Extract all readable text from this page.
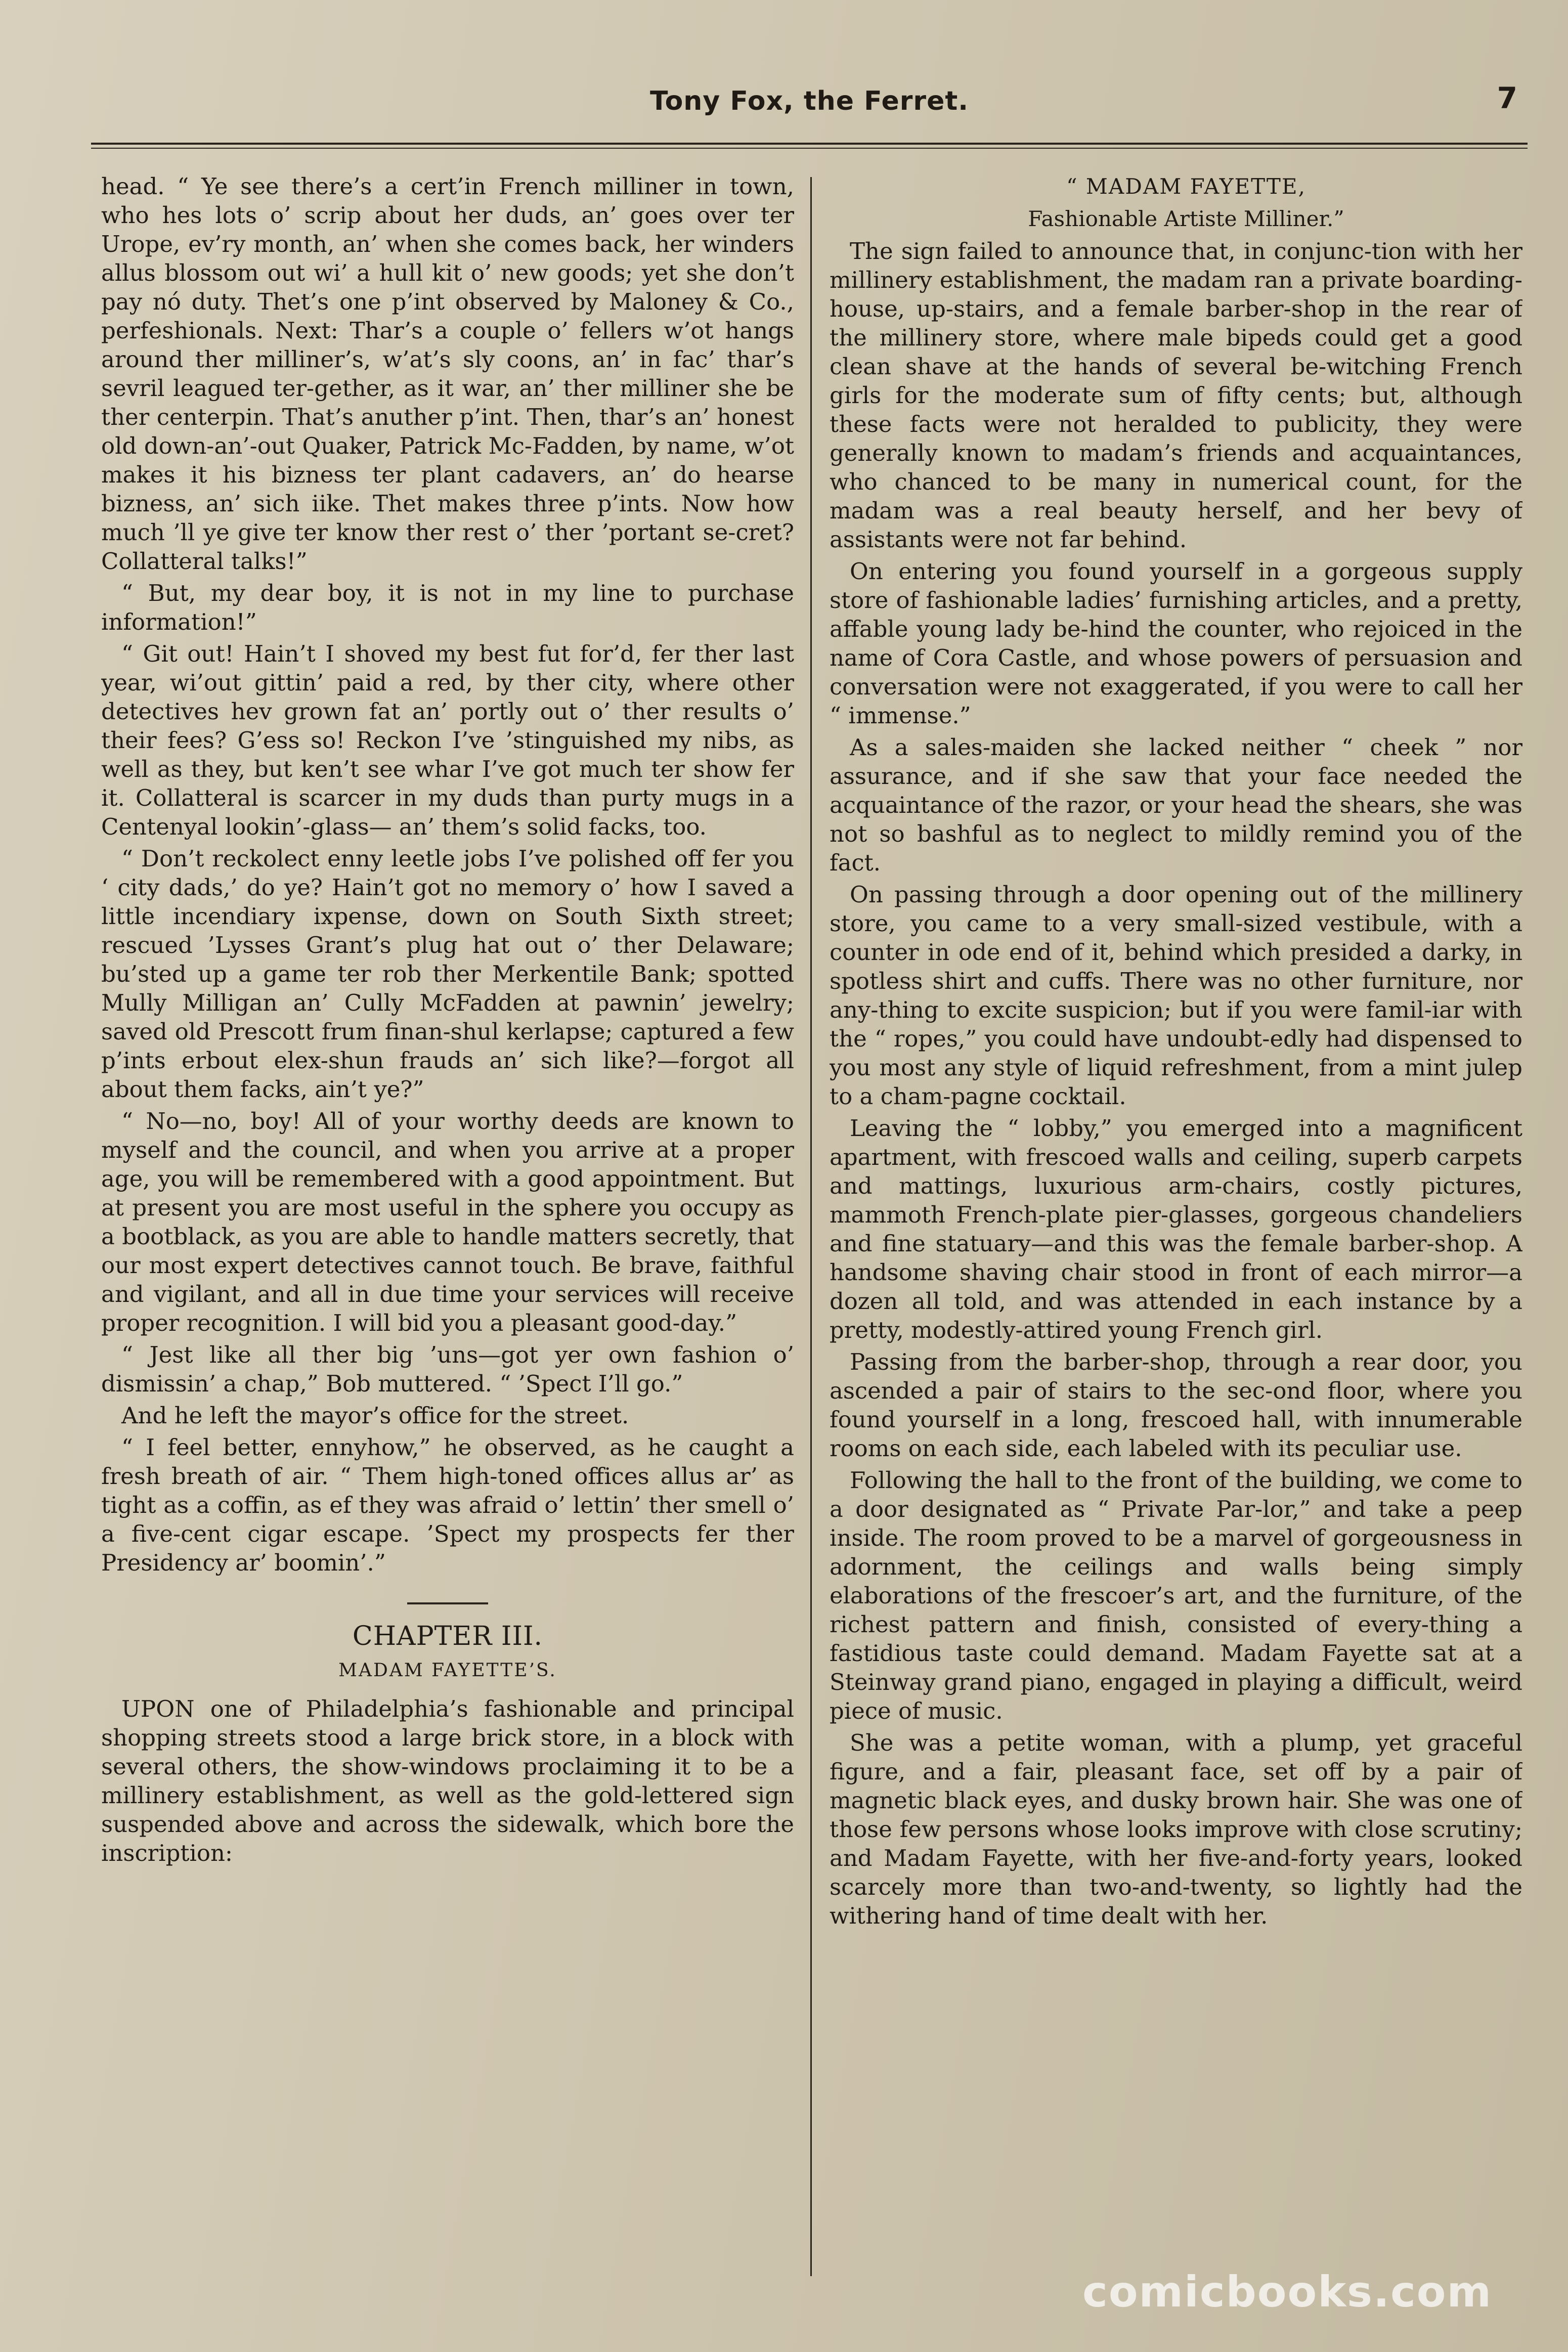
Tony Fox, the Ferret.	7

head. “ Ye see there’s a cert’in French milliner in town, who hes lots o’ scrip about her duds, an’ goes over ter Urope, ev’ry month, an’ when she comes back, her winders allus blossom out wi’ a hull kit o’ new goods; yet she don’t pay nó duty. Thet’s one p’int observed by Maloney & Co., perfeshionals. Next: Thar’s a couple o’ fellers w’ot hangs around ther milliner’s, w’at’s sly coons, an’ in fac’ thar’s sevril leagued ter-gether, as it war, an’ ther milliner she be ther centerpin. That’s anuther p’int. Then, thar’s an’ honest old down-an’-out Quaker, Patrick Mc-Fadden, by name, w’ot makes it his bizness ter plant cadavers, an’ do hearse bizness, an’ sich iike. Thet makes three p’ints. Now how much ’ll ye give ter know ther rest o’ ther ’portant se-cret? Collatteral talks!”

“ But, my dear boy, it is not in my line to purchase information!”

“ Git out! Hain’t I shoved my best fut for’d, fer ther last year, wi’out gittin’ paid a red, by ther city, where other detectives hev grown fat an’ portly out o’ ther results o’ their fees? G’ess so! Reckon I’ve ’stinguished my nibs, as well as they, but ken’t see whar I’ve got much ter show fer it. Collatteral is scarcer in my duds than purty mugs in a Centenyal lookin’-glass— an’ them’s solid facks, too.

“ Don’t reckolect enny leetle jobs I’ve polished off fer you ‘ city dads,’ do ye? Hain’t got no memory o’ how I saved a little incendiary ixpense, down on South Sixth street; rescued ’Lysses Grant’s plug hat out o’ ther Delaware; bu’sted up a game ter rob ther Merkentile Bank; spotted Mully Milligan an’ Cully McFadden at pawnin’ jewelry; saved old Prescott frum finan-shul kerlapse; captured a few p’ints erbout elex-shun frauds an’ sich like?—forgot all about them facks, ain’t ye?”

“ No—no, boy! All of your worthy deeds are known to myself and the council, and when you arrive at a proper age, you will be remembered with a good appointment. But at present you are most useful in the sphere you occupy as a bootblack, as you are able to handle matters secretly, that our most expert detectives cannot touch. Be brave, faithful and vigilant, and all in due time your services will receive proper recognition. I will bid you a pleasant good-day.”

“ Jest like all ther big ’uns—got yer own fashion o’ dismissin’ a chap,” Bob muttered. “ ’Spect I’ll go.”

And he left the mayor’s office for the street.

“ I feel better, ennyhow,” he observed, as he caught a fresh breath of air. “ Them high-toned offices allus ar’ as tight as a coffin, as ef they was afraid o’ lettin’ ther smell o’ a five-cent cigar escape. ’Spect my prospects fer ther Presidency ar’ boomin’.”

CHAPTER III.
MADAM FAYETTE’S.

UPON one of Philadelphia’s fashionable and principal shopping streets stood a large brick store, in a block with several others, the show-windows proclaiming it to be a millinery establishment, as well as the gold-lettered sign suspended above and across the sidewalk, which bore the inscription:

“ MADAM FAYETTE,

Fashionable Artiste Milliner.”

The sign failed to announce that, in conjunc-tion with her millinery establishment, the madam ran a private boarding-house, up-stairs, and a female barber-shop in the rear of the millinery store, where male bipeds could get a good clean shave at the hands of several be-witching French girls for the moderate sum of fifty cents; but, although these facts were not heralded to publicity, they were generally known to madam’s friends and acquaintances, who chanced to be many in numerical count, for the madam was a real beauty herself, and her bevy of assistants were not far behind.

On entering you found yourself in a gorgeous supply store of fashionable ladies’ furnishing articles, and a pretty, affable young lady be-hind the counter, who rejoiced in the name of Cora Castle, and whose powers of persuasion and conversation were not exaggerated, if you were to call her “ immense.”

As a sales-maiden she lacked neither “ cheek ” nor assurance, and if she saw that your face needed the acquaintance of the razor, or your head the shears, she was not so bashful as to neglect to mildly remind you of the fact.

On passing through a door opening out of the millinery store, you came to a very small-sized vestibule, with a counter in ode end of it, behind which presided a darky, in spotless shirt and cuffs. There was no other furniture, nor any-thing to excite suspicion; but if you were famil-iar with the “ ropes,” you could have undoubt-edly had dispensed to you most any style of liquid refreshment, from a mint julep to a cham-pagne cocktail.

Leaving the “ lobby,” you emerged into a magnificent apartment, with frescoed walls and ceiling, superb carpets and mattings, luxurious arm-chairs, costly pictures, mammoth French-plate pier-glasses, gorgeous chandeliers and fine statuary—and this was the female barber-shop. A handsome shaving chair stood in front of each mirror—a dozen all told, and was attended in each instance by a pretty, modestly-attired young French girl.

Passing from the barber-shop, through a rear door, you ascended a pair of stairs to the sec-ond floor, where you found yourself in a long, frescoed hall, with innumerable rooms on each side, each labeled with its peculiar use.

Following the hall to the front of the building, we come to a door designated as “ Private Par-lor,” and take a peep inside. The room proved to be a marvel of gorgeousness in adornment, the ceilings and walls being simply elaborations of the frescoer’s art, and the furniture, of the richest pattern and finish, consisted of every-thing a fastidious taste could demand. Madam Fayette sat at a Steinway grand piano, engaged in playing a difficult, weird piece of music.

She was a petite woman, with a plump, yet graceful figure, and a fair, pleasant face, set off by a pair of magnetic black eyes, and dusky brown hair. She was one of those few persons whose looks improve with close scrutiny; and Madam Fayette, with her five-and-forty years, looked scarcely more than two-and-twenty, so lightly had the withering hand of time dealt with her.

comicbooks.com
